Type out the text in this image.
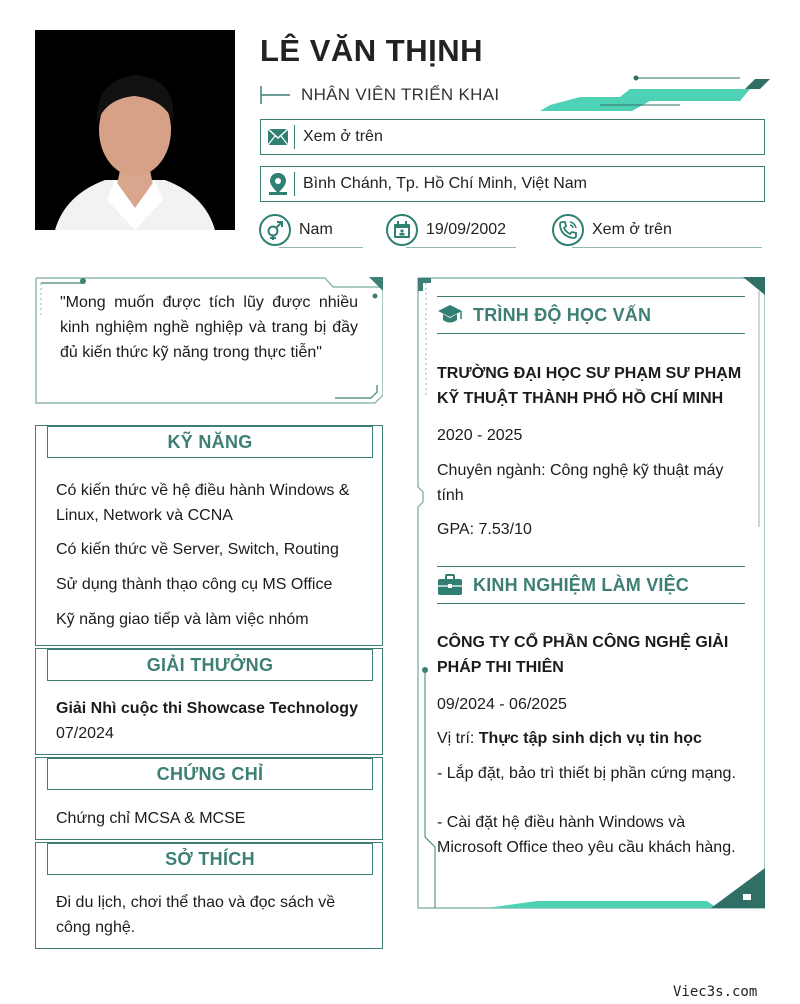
LÊ VĂN THỊNH
NHÂN VIÊN TRIỂN KHAI
Xem ở trên
Bình Chánh, Tp. Hồ Chí Minh, Việt Nam
Nam	19/09/2002	Xem ở trên
"Mong muốn được tích lũy được nhiều kinh nghiệm nghề nghiệp và trang bị đầy đủ kiến thức kỹ năng trong thực tiễn"
KỸ NĂNG
Có kiến thức về hệ điều hành Windows & Linux, Network và CCNA
Có kiến thức về Server, Switch, Routing
Sử dụng thành thạo công cụ MS Office
Kỹ năng giao tiếp và làm việc nhóm
GIẢI THƯỞNG
Giải Nhì cuộc thi Showcase Technology
07/2024
CHỨNG CHỈ
Chứng chỉ MCSA & MCSE
SỞ THÍCH
Đi du lịch, chơi thể thao và đọc sách về công nghệ.
TRÌNH ĐỘ HỌC VẤN
TRƯỜNG ĐẠI HỌC SƯ PHẠM SƯ PHẠM KỸ THUẬT THÀNH PHỐ HỒ CHÍ MINH
2020 - 2025
Chuyên ngành: Công nghệ kỹ thuật máy tính
GPA: 7.53/10
KINH NGHIỆM LÀM VIỆC
CÔNG TY CỔ PHẦN CÔNG NGHỆ GIẢI PHÁP THI THIÊN
09/2024 - 06/2025
Vị trí: Thực tập sinh dịch vụ tin học
- Lắp đặt, bảo trì thiết bị phần cứng mạng.
- Cài đặt hệ điều hành Windows và Microsoft Office theo yêu cầu khách hàng.
Viec3s.com
